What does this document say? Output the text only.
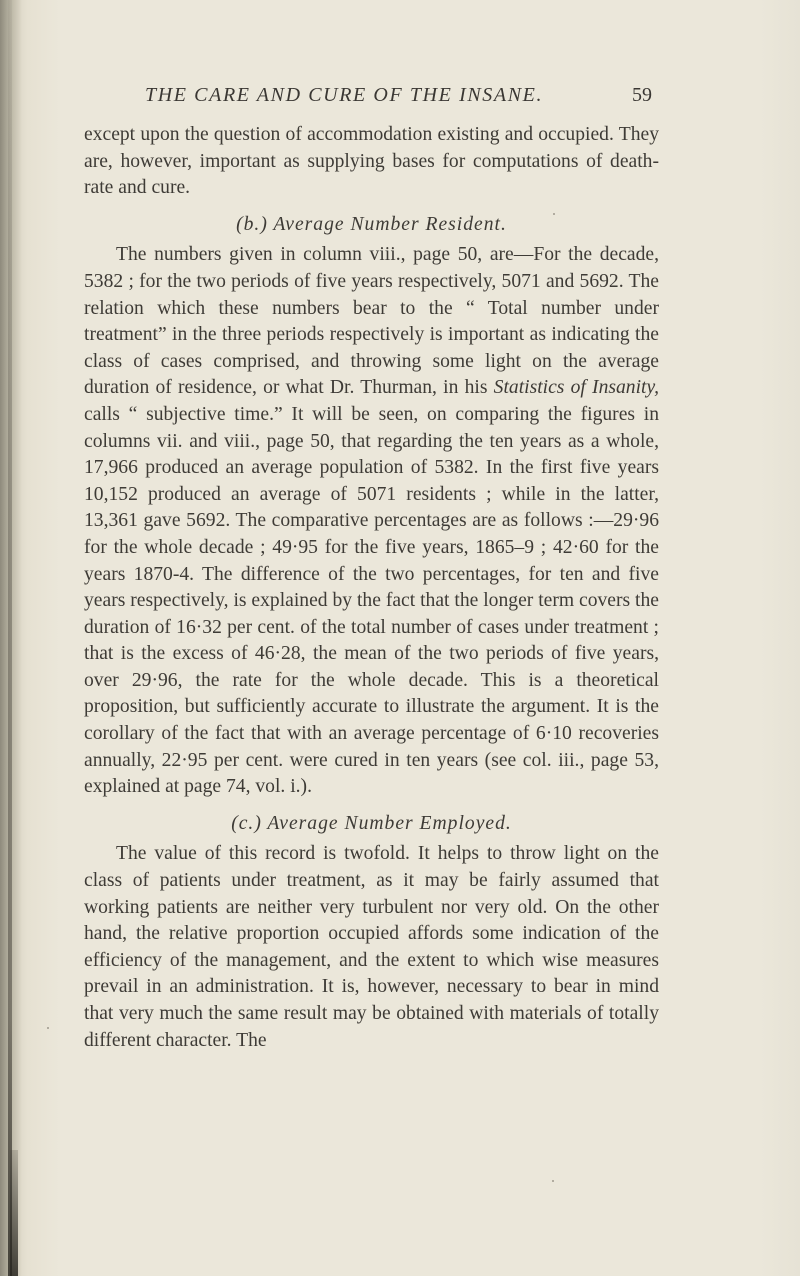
THE CARE AND CURE OF THE INSANE.	59

except upon the question of accommodation existing and occupied. They are, however, important as supplying bases for computations of death-rate and cure.

(b.) Average Number Resident.

The numbers given in column viii., page 50, are—For the decade, 5382 ; for the two periods of five years respectively, 5071 and 5692. The relation which these numbers bear to the “ Total number under treatment” in the three periods respectively is important as indicating the class of cases comprised, and throwing some light on the average duration of residence, or what Dr. Thurman, in his Statistics of Insanity, calls “ subjective time.” It will be seen, on comparing the figures in columns vii. and viii., page 50, that regarding the ten years as a whole, 17,966 produced an average population of 5382. In the first five years 10,152 produced an average of 5071 residents ; while in the latter, 13,361 gave 5692. The comparative percentages are as follows :—29·96 for the whole decade ; 49·95 for the five years, 1865–9 ; 42·60 for the years 1870-4. The difference of the two percentages, for ten and five years respectively, is explained by the fact that the longer term covers the duration of 16·32 per cent. of the total number of cases under treatment ; that is the excess of 46·28, the mean of the two periods of five years, over 29·96, the rate for the whole decade. This is a theoretical proposition, but sufficiently accurate to illustrate the argument. It is the corollary of the fact that with an average percentage of 6·10 recoveries annually, 22·95 per cent. were cured in ten years (see col. iii., page 53, explained at page 74, vol. i.).

(c.) Average Number Employed.

The value of this record is twofold. It helps to throw light on the class of patients under treatment, as it may be fairly assumed that working patients are neither very turbulent nor very old. On the other hand, the relative proportion occupied affords some indication of the efficiency of the management, and the extent to which wise measures prevail in an administration. It is, however, necessary to bear in mind that very much the same result may be obtained with materials of totally different character. The
